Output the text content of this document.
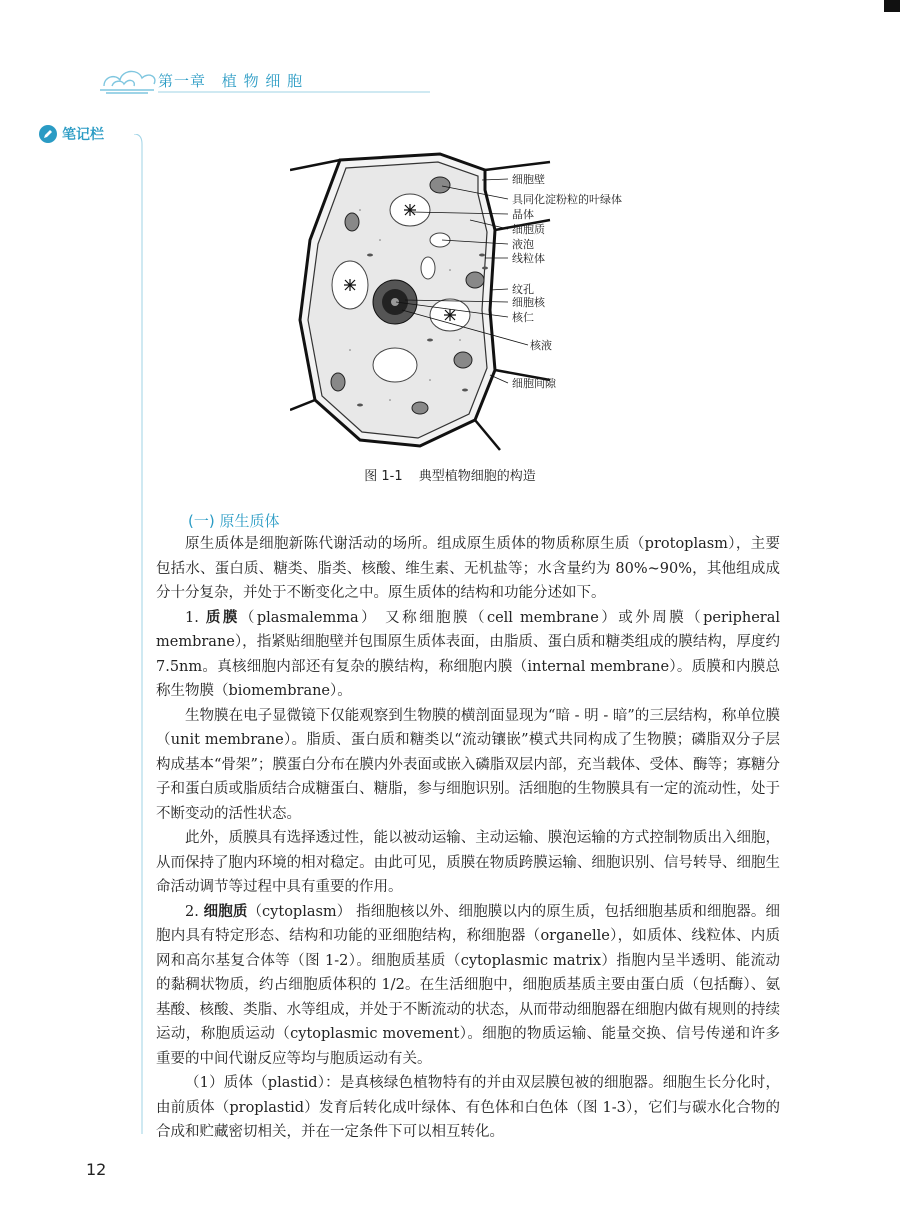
第一章 植 物 细 胞
笔记栏
细胞壁
具同化淀粉粒的叶绿体
晶体
细胞质
液泡
线粒体
纹孔
细胞核
核仁
核液
细胞间隙
图 1-1 典型植物细胞的构造
(一) 原生质体

原生质体是细胞新陈代谢活动的场所。组成原生质体的物质称原生质（protoplasm），主要包括水、蛋白质、糖类、脂类、核酸、维生素、无机盐等；水含量约为 80%~90%，其他组成成分十分复杂，并处于不断变化之中。原生质体的结构和功能分述如下。

1. 质膜（plasmalemma） 又称细胞膜（cell membrane）或外周膜（peripheral membrane），指紧贴细胞壁并包围原生质体表面，由脂质、蛋白质和糖类组成的膜结构，厚度约 7.5nm。真核细胞内部还有复杂的膜结构，称细胞内膜（internal membrane）。质膜和内膜总称生物膜（biomembrane）。

生物膜在电子显微镜下仅能观察到生物膜的横剖面显现为“暗 - 明 - 暗”的三层结构，称单位膜（unit membrane）。脂质、蛋白质和糖类以“流动镶嵌”模式共同构成了生物膜；磷脂双分子层构成基本“骨架”；膜蛋白分布在膜内外表面或嵌入磷脂双层内部，充当载体、受体、酶等；寡糖分子和蛋白质或脂质结合成糖蛋白、糖脂，参与细胞识别。活细胞的生物膜具有一定的流动性，处于不断变动的活性状态。

此外，质膜具有选择透过性，能以被动运输、主动运输、膜泡运输的方式控制物质出入细胞，从而保持了胞内环境的相对稳定。由此可见，质膜在物质跨膜运输、细胞识别、信号转导、细胞生命活动调节等过程中具有重要的作用。

2. 细胞质（cytoplasm） 指细胞核以外、细胞膜以内的原生质，包括细胞基质和细胞器。细胞内具有特定形态、结构和功能的亚细胞结构，称细胞器（organelle），如质体、线粒体、内质网和高尔基复合体等（图 1-2）。细胞质基质（cytoplasmic matrix）指胞内呈半透明、能流动的黏稠状物质，约占细胞质体积的 1/2。在生活细胞中，细胞质基质主要由蛋白质（包括酶）、氨基酸、核酸、类脂、水等组成，并处于不断流动的状态，从而带动细胞器在细胞内做有规则的持续运动，称胞质运动（cytoplasmic movement）。细胞的物质运输、能量交换、信号传递和许多重要的中间代谢反应等均与胞质运动有关。

（1）质体（plastid）：是真核绿色植物特有的并由双层膜包被的细胞器。细胞生长分化时，由前质体（proplastid）发育后转化成叶绿体、有色体和白色体（图 1-3），它们与碳水化合物的合成和贮藏密切相关，并在一定条件下可以相互转化。

12
